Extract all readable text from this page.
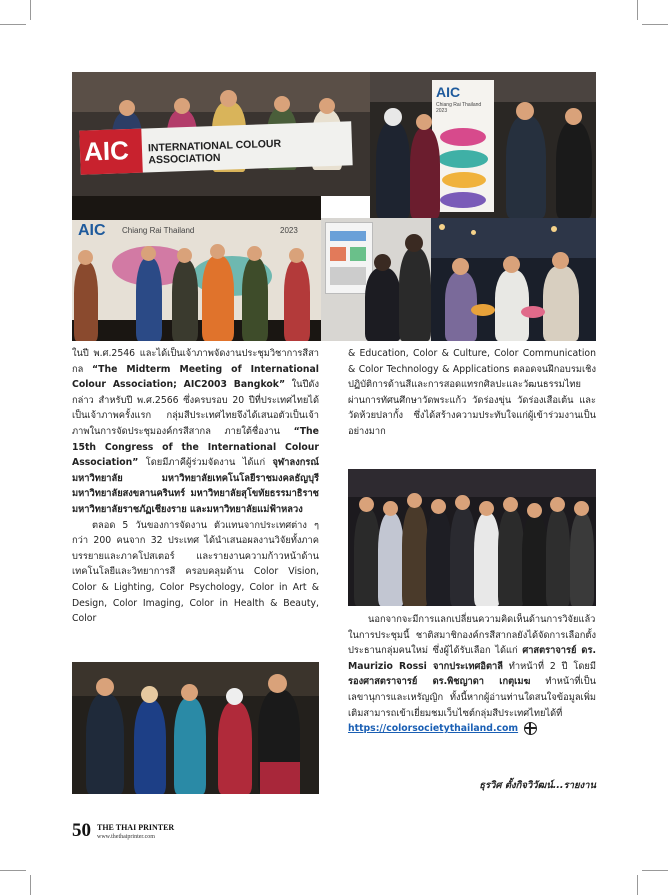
AIC INTERNATIONAL COLOUR ASSOCIATION
AIC
Chiang Rai Thailand 2023
AIC Chiang Rai Thailand	2023

ในปี พ.ศ.2546 และได้เป็นเจ้าภาพจัดงานประชุมวิชาการสีสากล “The Midterm Meeting of International Colour Association; AIC2003 Bangkok” ในปีดังกล่าว สำหรับปี พ.ศ.2566 ซึ่งครบรอบ 20 ปีที่ประเทศไทยได้เป็นเจ้าภาพครั้งแรก กลุ่มสีประเทศไทยจึงได้เสนอตัวเป็นเจ้าภาพในการจัดประชุมองค์กรสีสากล ภายใต้ชื่องาน “The 15th Congress of the International Colour Association” โดยมีภาคีผู้ร่วมจัดงาน ได้แก่ จุฬาลงกรณ์มหาวิทยาลัย มหาวิทยาลัยเทคโนโลยีราชมงคลธัญบุรี มหาวิทยาลัยสงขลานครินทร์ มหาวิทยาลัยสุโขทัยธรรมาธิราช มหาวิทยาลัยราชภัฏเชียงราย และมหาวิทยาลัยแม่ฟ้าหลวง

ตลอด 5 วันของการจัดงาน ตัวแทนจากประเทศต่าง ๆ กว่า 200 คนจาก 32 ประเทศ ได้นำเสนอผลงานวิจัยทั้งภาคบรรยายและภาคโปสเตอร์ และรายงานความก้าวหน้าด้านเทคโนโลยีและวิทยาการสี ครอบคลุมด้าน Color Vision, Color & Lighting, Color Psychology, Color in Art & Design, Color Imaging, Color in Health & Beauty, Color

& Education, Color & Culture, Color Communication & Color Technology & Applications ตลอดจนฝึกอบรมเชิงปฏิบัติการด้านสีและการสอดแทรกศิลปะและวัฒนธรรมไทยผ่านการทัศนศึกษาวัดพระแก้ว วัดร่องขุ่น วัดร่องเสือเต้น และวัดห้วยปลากั้ง ซึ่งได้สร้างความประทับใจแก่ผู้เข้าร่วมงานเป็นอย่างมาก

นอกจากจะมีการแลกเปลี่ยนความคิดเห็นด้านการวิจัยแล้ว ในการประชุมนี้ ชาติสมาชิกองค์กรสีสากลยังได้จัดการเลือกตั้งประธานกลุ่มคนใหม่ ซึ่งผู้ได้รับเลือก ได้แก่ ศาสตราจารย์ ดร. Maurizio Rossi จากประเทศอิตาลี ทำหน้าที่ 2 ปี โดยมี รองศาสตราจารย์ ดร.พิชญาดา เกตุเมฆ ทำหน้าที่เป็นเลขานุการและเหรัญญิก ทั้งนี้หากผู้อ่านท่านใดสนใจข้อมูลเพิ่มเติมสามารถเข้าเยี่ยมชมเว็บไซต์กลุ่มสีประเทศไทยได้ที่ https://colorsocietythailand.com

ธุรวิศ ตั้งกิจวิวัฒน์...รายงาน
50 THE THAI PRINTER
www.thethaiprinter.com
